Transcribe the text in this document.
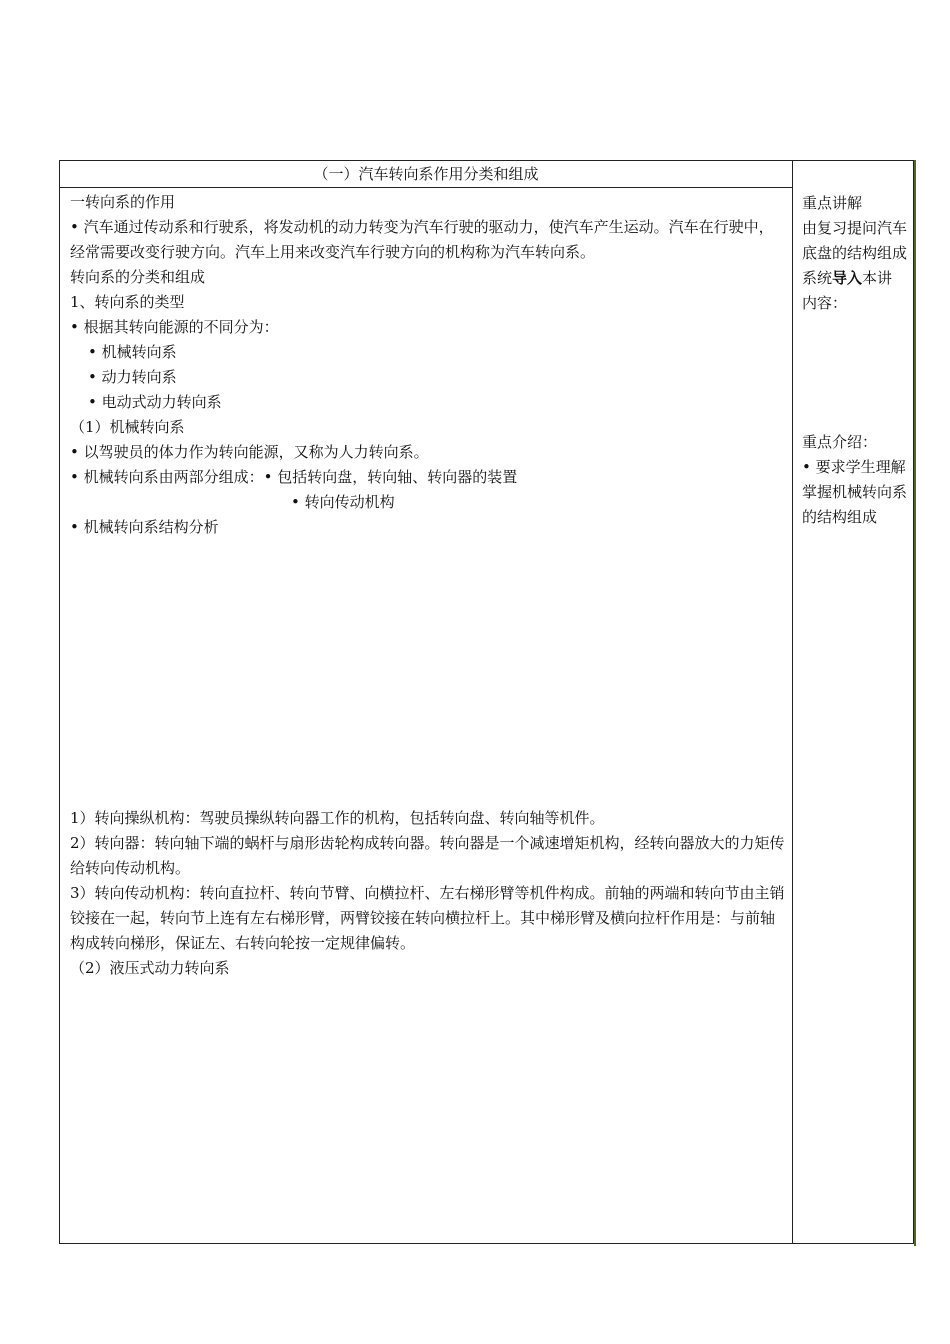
（一）汽车转向系作用分类和组成
一转向系的作用
• 汽车通过传动系和行驶系，将发动机的动力转变为汽车行驶的驱动力，使汽车产生运动。汽车在行驶中，经常需要改变行驶方向。汽车上用来改变汽车行驶方向的机构称为汽车转向系。
转向系的分类和组成
1、转向系的类型
• 根据其转向能源的不同分为：
• 机械转向系
• 动力转向系
• 电动式动力转向系
（1）机械转向系
• 以驾驶员的体力作为转向能源，又称为人力转向系。
• 机械转向系由两部分组成：• 包括转向盘，转向轴、转向器的装置
• 转向传动机构
• 机械转向系结构分析
1）转向操纵机构：驾驶员操纵转向器工作的机构，包括转向盘、转向轴等机件。
2）转向器：转向轴下端的蜗杆与扇形齿轮构成转向器。转向器是一个减速增矩机构，经转向器放大的力矩传给转向传动机构。
3）转向传动机构：转向直拉杆、转向节臂、向横拉杆、左右梯形臂等机件构成。前轴的两端和转向节由主销铰接在一起，转向节上连有左右梯形臂，两臂铰接在转向横拉杆上。其中梯形臂及横向拉杆作用是：与前轴构成转向梯形，保证左、右转向轮按一定规律偏转。
（2）液压式动力转向系
重点讲解
由复习提问汽车底盘的结构组成系统导入本讲内容：
重点介绍：
• 要求学生理解掌握机械转向系的结构组成
